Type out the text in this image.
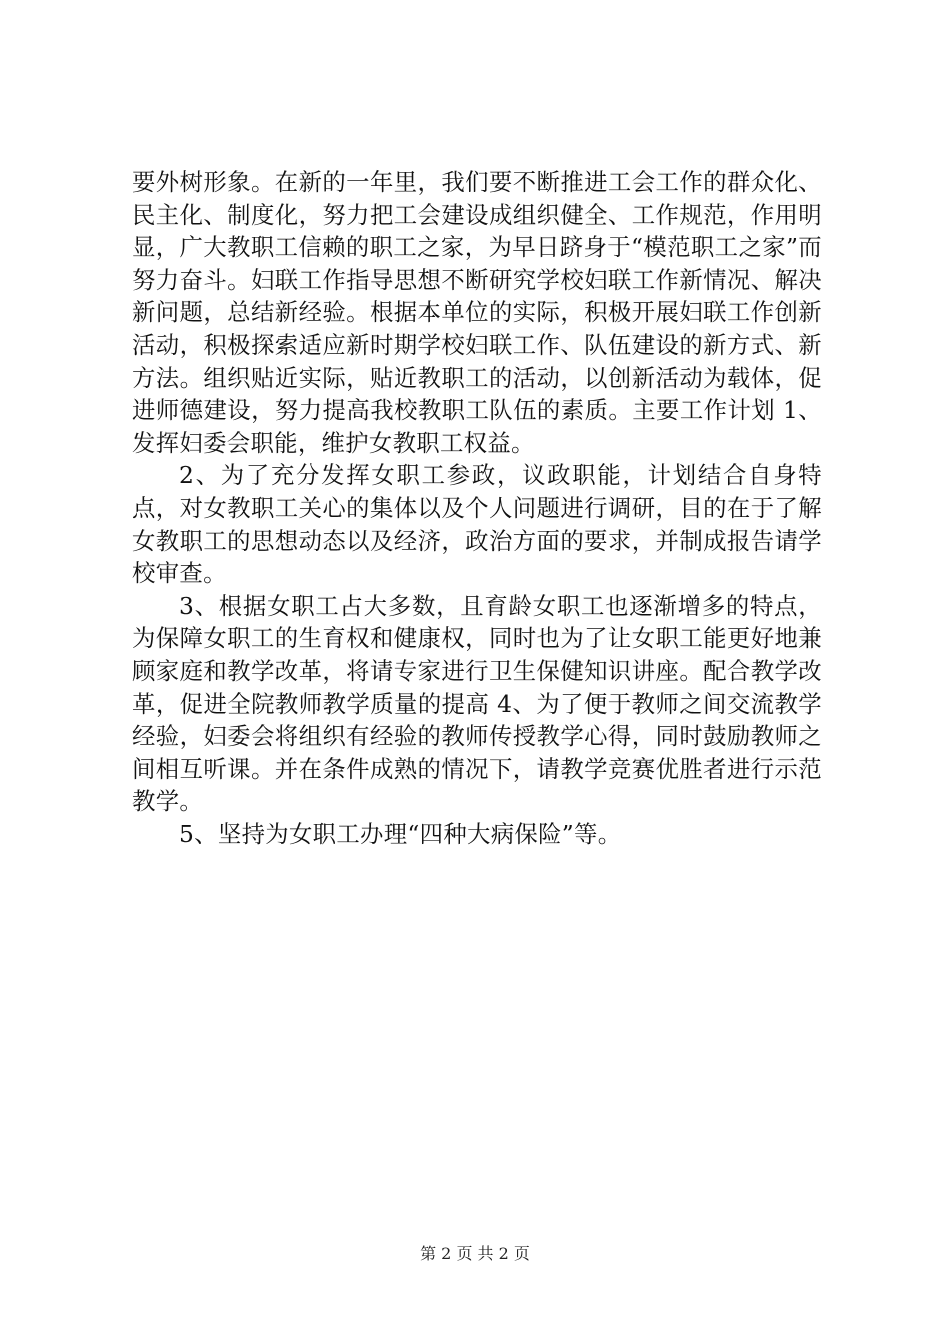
要外树形象。在新的一年里，我们要不断推进工会工作的群众化、民主化、制度化，努力把工会建设成组织健全、工作规范，作用明显，广大教职工信赖的职工之家，为早日跻身于“模范职工之家”而努力奋斗。妇联工作指导思想不断研究学校妇联工作新情况、解决新问题，总结新经验。根据本单位的实际，积极开展妇联工作创新活动，积极探索适应新时期学校妇联工作、队伍建设的新方式、新方法。组织贴近实际，贴近教职工的活动，以创新活动为载体，促进师德建设，努力提高我校教职工队伍的素质。主要工作计划 1、发挥妇委会职能，维护女教职工权益。

2、为了充分发挥女职工参政，议政职能，计划结合自身特点，对女教职工关心的集体以及个人问题进行调研，目的在于了解女教职工的思想动态以及经济，政治方面的要求，并制成报告请学校审查。

3、根据女职工占大多数，且育龄女职工也逐渐增多的特点，为保障女职工的生育权和健康权，同时也为了让女职工能更好地兼顾家庭和教学改革，将请专家进行卫生保健知识讲座。配合教学改革，促进全院教师教学质量的提高 4、为了便于教师之间交流教学经验，妇委会将组织有经验的教师传授教学心得，同时鼓励教师之间相互听课。并在条件成熟的情况下，请教学竞赛优胜者进行示范教学。

5、坚持为女职工办理“四种大病保险”等。

第 2 页 共 2 页
